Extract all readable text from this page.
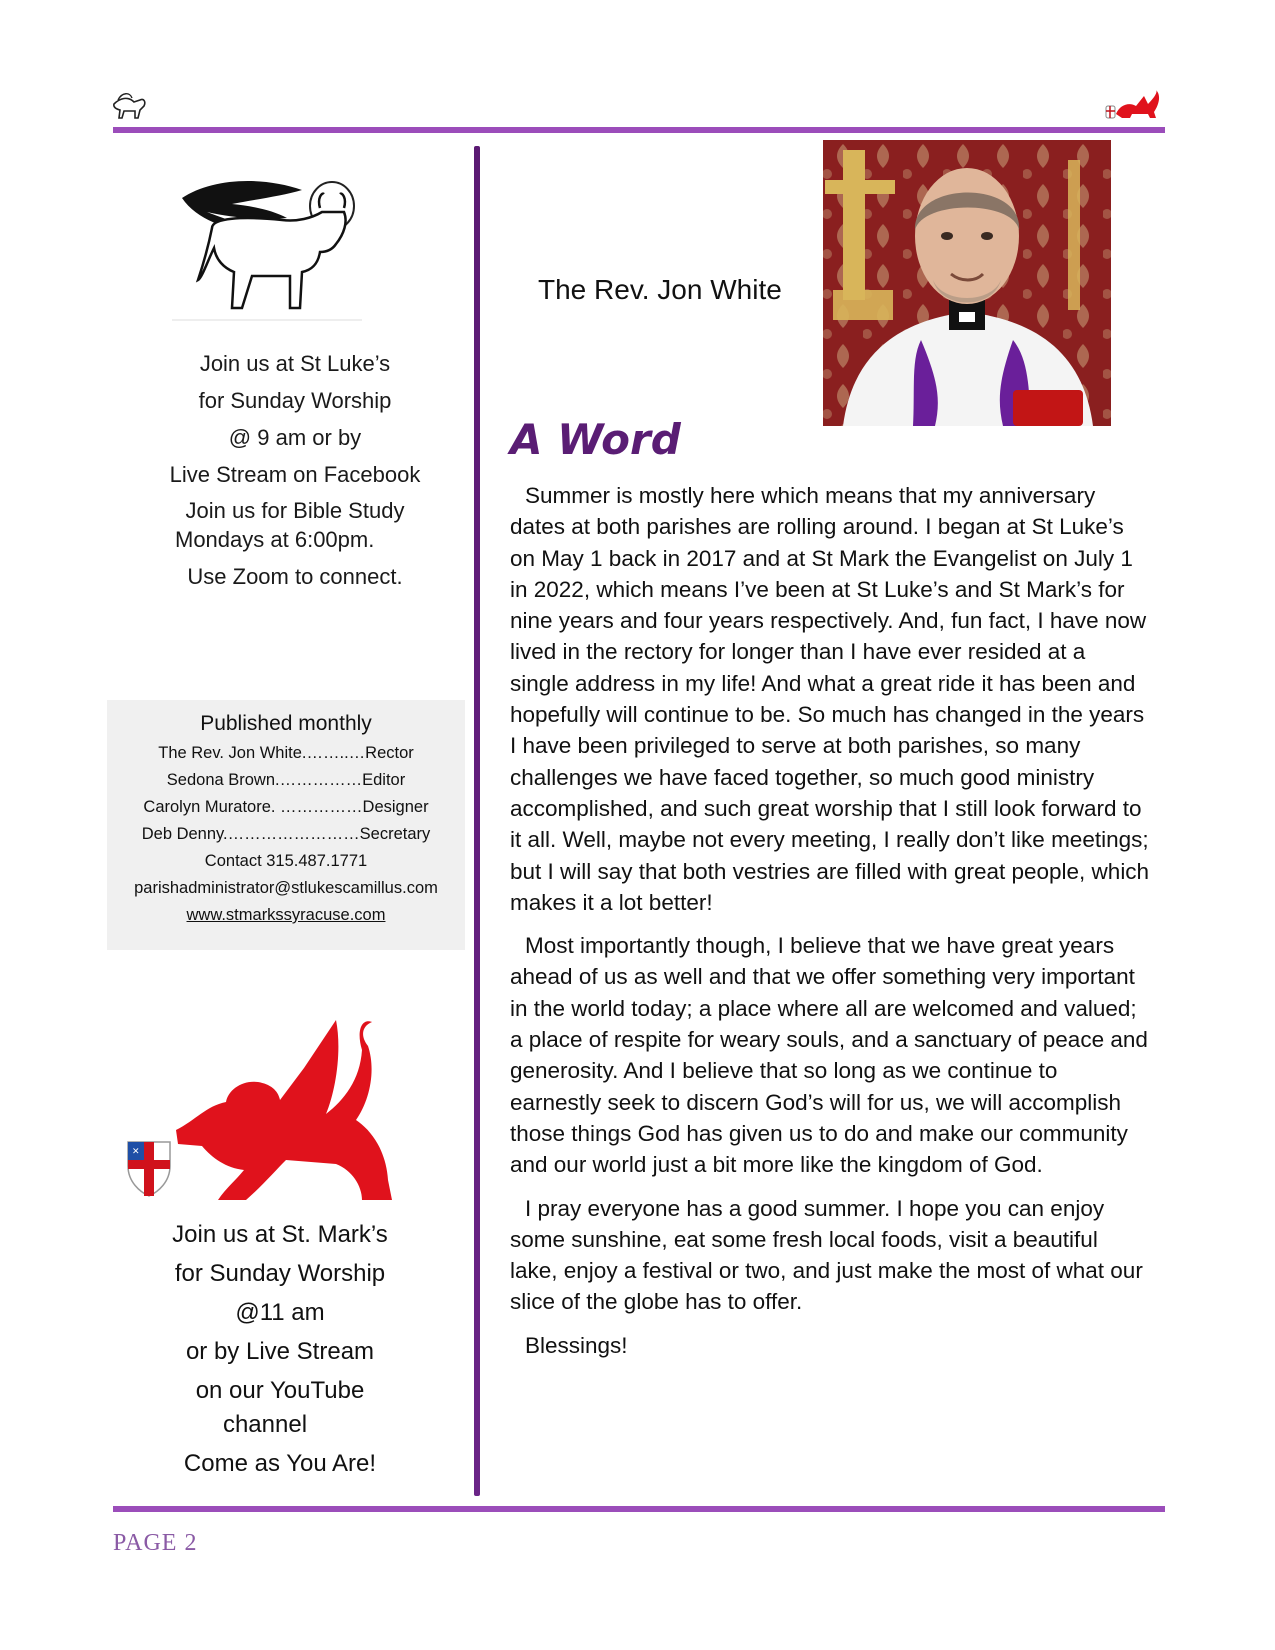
Join us at St Luke’s
for Sunday Worship
@ 9 am or by
Live Stream on Facebook
Join us for Bible Study
Mondays at 6:00pm.
Use Zoom to connect.
Published monthly
The Rev. Jon White.……..…Rector
Sedona Brown.……………Editor
Carolyn Muratore. ……………Designer
Deb Denny.……………………Secretary
Contact 315.487.1771
parishadministrator@stlukescamillus.com
www.stmarkssyracuse.com
✕
Join us at St. Mark’s
for Sunday Worship
@11 am
or by Live Stream
on our YouTube
channel
Come as You Are!
The Rev. Jon White
A Word

Summer is mostly here which means that my anniversary dates at both parishes are rolling around. I began at St Luke’s on May 1 back in 2017 and at St Mark the Evangelist on July 1 in 2022, which means I’ve been at St Luke’s and St Mark’s for nine years and four years respectively. And, fun fact, I have now lived in the rectory for longer than I have ever resided at a single address in my life! And what a great ride it has been and hopefully will continue to be. So much has changed in the years I have been privileged to serve at both parishes, so many challenges we have faced together, so much good ministry accomplished, and such great worship that I still look forward to it all. Well, maybe not every meeting, I really don’t like meetings; but I will say that both vestries are filled with great people, which makes it a lot better!

Most importantly though, I believe that we have great years ahead of us as well and that we offer something very important in the world today; a place where all are welcomed and valued; a place of respite for weary souls, and a sanctuary of peace and generosity. And I believe that so long as we continue to earnestly seek to discern God’s will for us, we will accomplish those things God has given us to do and make our community and our world just a bit more like the kingdom of God.

I pray everyone has a good summer. I hope you can enjoy some sunshine, eat some fresh local foods, visit a beautiful lake, enjoy a festival or two, and just make the most of what our slice of the globe has to offer.

Blessings!

PAGE 2
